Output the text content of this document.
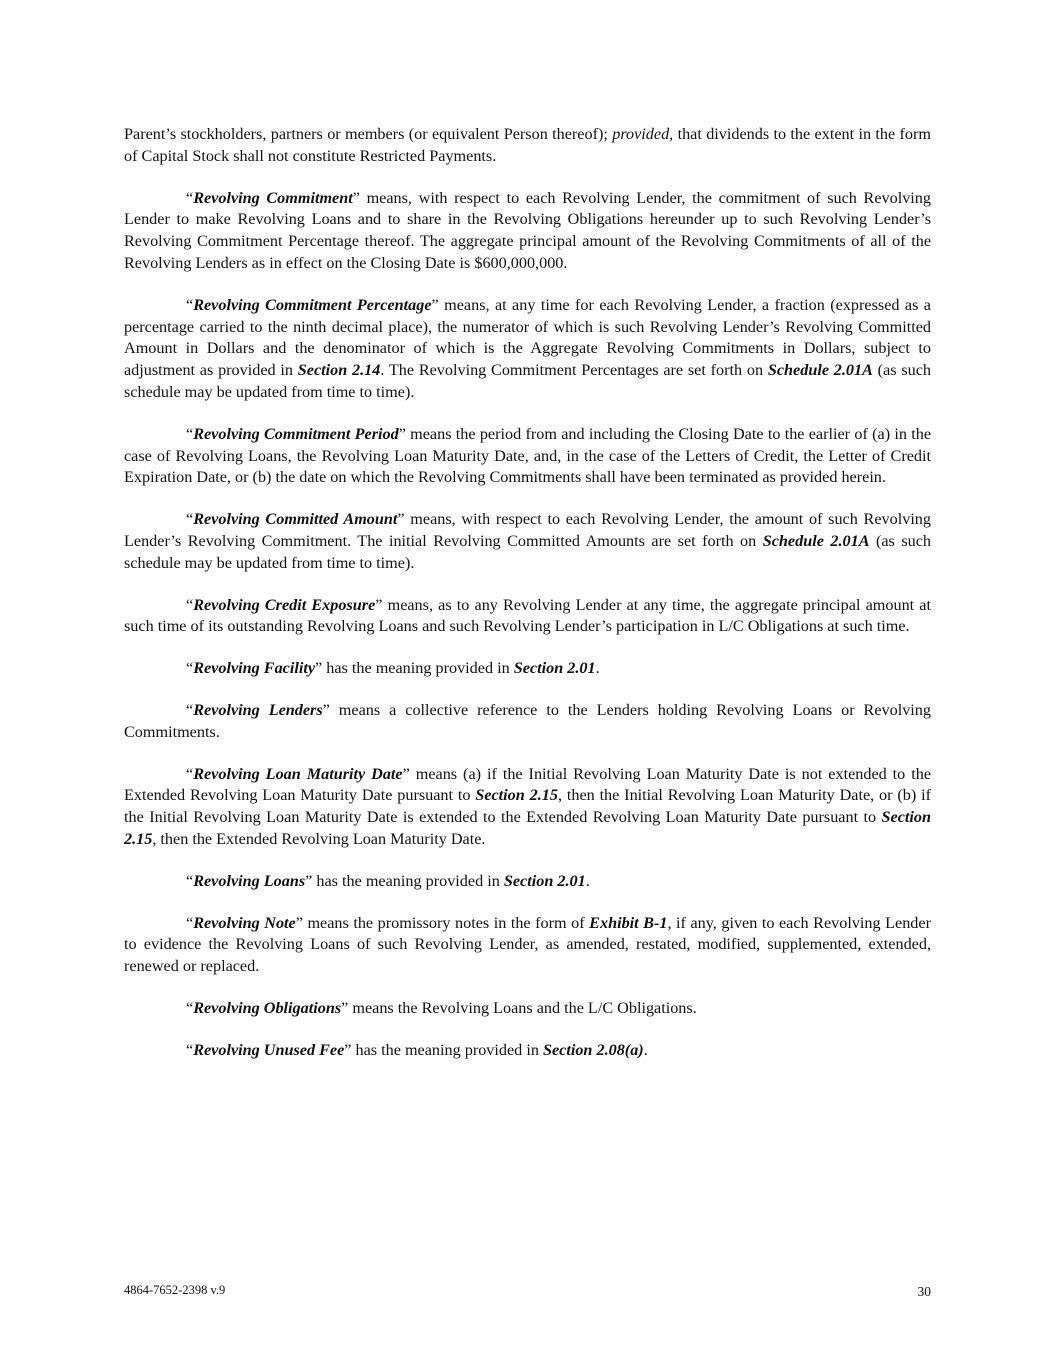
Parent’s stockholders, partners or members (or equivalent Person thereof); provided, that dividends to the extent in the form of Capital Stock shall not constitute Restricted Payments.

“Revolving Commitment” means, with respect to each Revolving Lender, the commitment of such Revolving Lender to make Revolving Loans and to share in the Revolving Obligations hereunder up to such Revolving Lender’s Revolving Commitment Percentage thereof. The aggregate principal amount of the Revolving Commitments of all of the Revolving Lenders as in effect on the Closing Date is $600,000,000.

“Revolving Commitment Percentage” means, at any time for each Revolving Lender, a fraction (expressed as a percentage carried to the ninth decimal place), the numerator of which is such Revolving Lender’s Revolving Committed Amount in Dollars and the denominator of which is the Aggregate Revolving Commitments in Dollars, subject to adjustment as provided in Section 2.14. The Revolving Commitment Percentages are set forth on Schedule 2.01A (as such schedule may be updated from time to time).

“Revolving Commitment Period” means the period from and including the Closing Date to the earlier of (a) in the case of Revolving Loans, the Revolving Loan Maturity Date, and, in the case of the Letters of Credit, the Letter of Credit Expiration Date, or (b) the date on which the Revolving Commitments shall have been terminated as provided herein.

“Revolving Committed Amount” means, with respect to each Revolving Lender, the amount of such Revolving Lender’s Revolving Commitment. The initial Revolving Committed Amounts are set forth on Schedule 2.01A (as such schedule may be updated from time to time).

“Revolving Credit Exposure” means, as to any Revolving Lender at any time, the aggregate principal amount at such time of its outstanding Revolving Loans and such Revolving Lender’s participation in L/C Obligations at such time.

“Revolving Facility” has the meaning provided in Section 2.01.

“Revolving Lenders” means a collective reference to the Lenders holding Revolving Loans or Revolving Commitments.

“Revolving Loan Maturity Date” means (a) if the Initial Revolving Loan Maturity Date is not extended to the Extended Revolving Loan Maturity Date pursuant to Section 2.15, then the Initial Revolving Loan Maturity Date, or (b) if the Initial Revolving Loan Maturity Date is extended to the Extended Revolving Loan Maturity Date pursuant to Section 2.15, then the Extended Revolving Loan Maturity Date.

“Revolving Loans” has the meaning provided in Section 2.01.

“Revolving Note” means the promissory notes in the form of Exhibit B-1, if any, given to each Revolving Lender to evidence the Revolving Loans of such Revolving Lender, as amended, restated, modified, supplemented, extended, renewed or replaced.

“Revolving Obligations” means the Revolving Loans and the L/C Obligations.

“Revolving Unused Fee” has the meaning provided in Section 2.08(a).

4864-7652-2398 v.9	30
